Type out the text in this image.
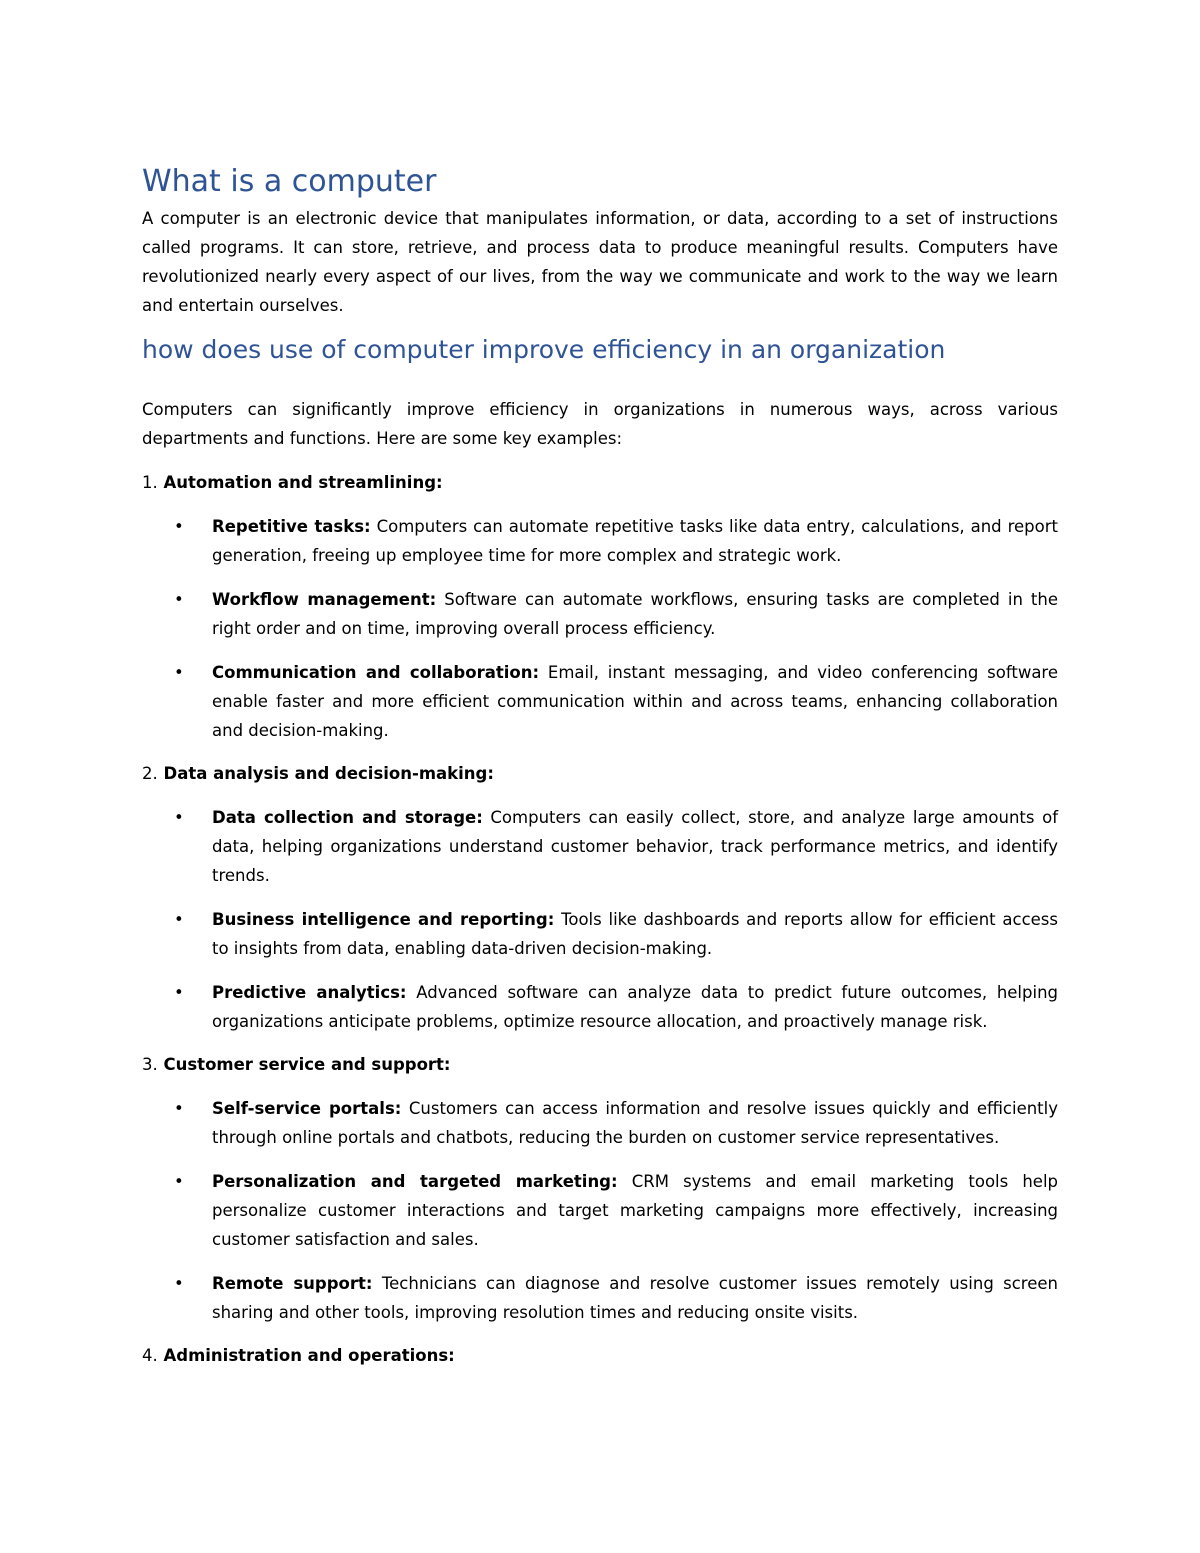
What is a computer

A computer is an electronic device that manipulates information, or data, according to a set of instructions called programs. It can store, retrieve, and process data to produce meaningful results. Computers have revolutionized nearly every aspect of our lives, from the way we communicate and work to the way we learn and entertain ourselves.

how does use of computer improve efficiency in an organization

Computers can significantly improve efficiency in organizations in numerous ways, across various departments and functions. Here are some key examples:

1. Automation and streamlining:

• Repetitive tasks: Computers can automate repetitive tasks like data entry, calculations, and report generation, freeing up employee time for more complex and strategic work.
• Workflow management: Software can automate workflows, ensuring tasks are completed in the right order and on time, improving overall process efficiency.
• Communication and collaboration: Email, instant messaging, and video conferencing software enable faster and more efficient communication within and across teams, enhancing collaboration and decision-making.

2. Data analysis and decision-making:

• Data collection and storage: Computers can easily collect, store, and analyze large amounts of data, helping organizations understand customer behavior, track performance metrics, and identify trends.
• Business intelligence and reporting: Tools like dashboards and reports allow for efficient access to insights from data, enabling data-driven decision-making.
• Predictive analytics: Advanced software can analyze data to predict future outcomes, helping organizations anticipate problems, optimize resource allocation, and proactively manage risk.

3. Customer service and support:

• Self-service portals: Customers can access information and resolve issues quickly and efficiently through online portals and chatbots, reducing the burden on customer service representatives.
• Personalization and targeted marketing: CRM systems and email marketing tools help personalize customer interactions and target marketing campaigns more effectively, increasing customer satisfaction and sales.
• Remote support: Technicians can diagnose and resolve customer issues remotely using screen sharing and other tools, improving resolution times and reducing onsite visits.

4. Administration and operations:
